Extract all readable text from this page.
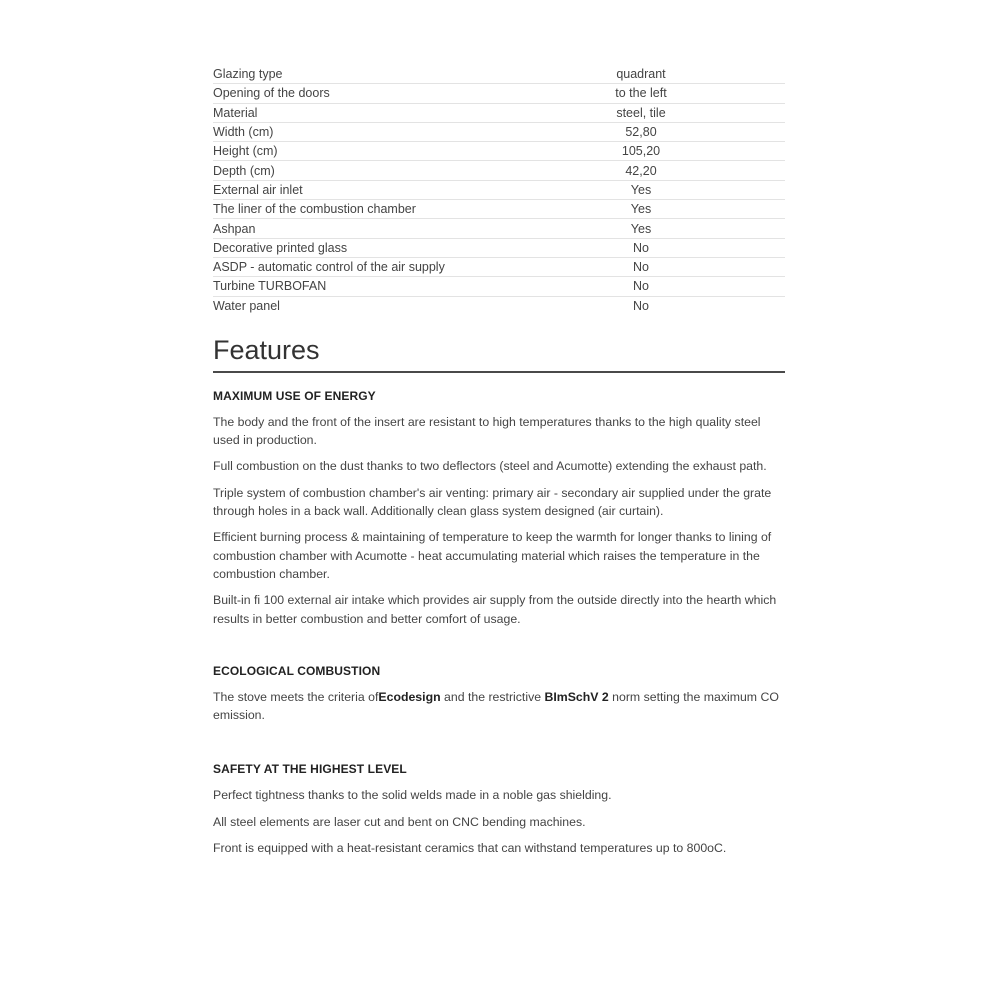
Glazing type	quadrant	
Opening of the doors	to the left	
Material	steel, tile	
Width (cm)	52,80	
Height (cm)	105,20	
Depth (cm)	42,20	
External air inlet	Yes	
The liner of the combustion chamber	Yes	
Ashpan	Yes	
Decorative printed glass	No	
ASDP - automatic control of the air supply	No	
Turbine TURBOFAN	No	
Water panel	No	
Features
MAXIMUM USE OF ENERGY

The body and the front of the insert are resistant to high temperatures thanks to the high quality steel used in production.

Full combustion on the dust thanks to two deflectors (steel and Acumotte) extending the exhaust path.

Triple system of combustion chamber's air venting: primary air - secondary air supplied under the grate through holes in a back wall. Additionally clean glass system designed (air curtain).

Efficient burning process & maintaining of temperature to keep the warmth for longer thanks to lining of combustion chamber with Acumotte - heat accumulating material which raises the temperature in the combustion chamber.

Built-in fi 100 external air intake which provides air supply from the outside directly into the hearth which results in better combustion and better comfort of usage.

ECOLOGICAL COMBUSTION

The stove meets the criteria ofEcodesign and the restrictive BImSchV 2 norm setting the maximum CO emission.

SAFETY AT THE HIGHEST LEVEL

Perfect tightness thanks to the solid welds made in a noble gas shielding.

All steel elements are laser cut and bent on CNC bending machines.

Front is equipped with a heat-resistant ceramics that can withstand temperatures up to 800oC.
